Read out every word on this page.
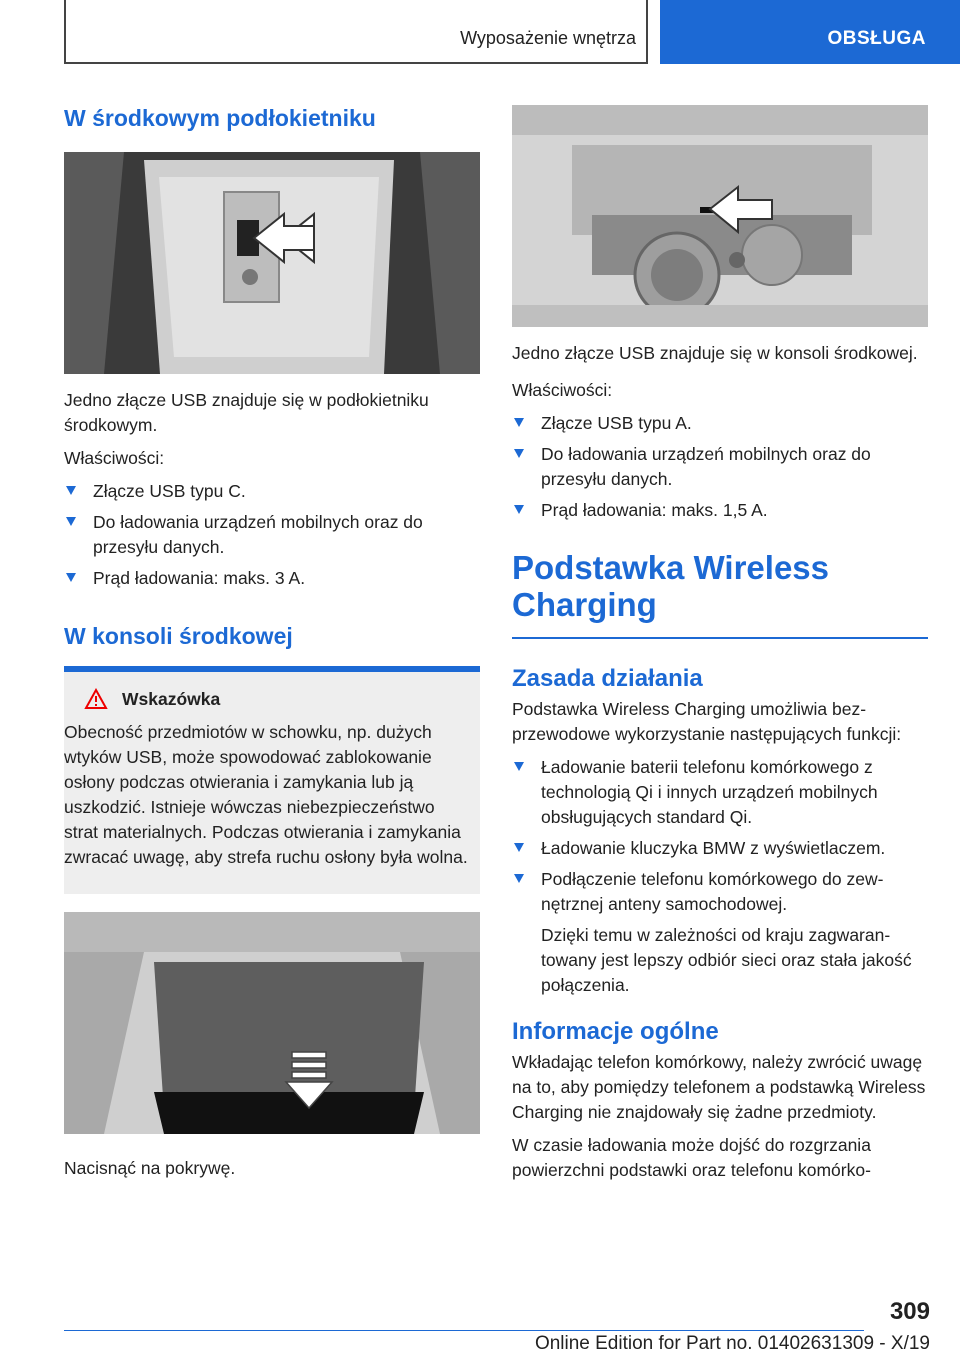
Wyposażenie wnętrza	OBSŁUGA
W środkowym podłokietniku

Jedno złącze USB znajduje się w podłokietniku środkowym.

Właściwości:

Złącze USB typu C.
Do ładowania urządzeń mobilnych oraz do przesyłu danych.
Prąd ładowania: maks. 3 A.
W konsoli środkowej
Wskazówka

Obecność przedmiotów w schowku, np. dużych wtyków USB, może spowodować zablokowanie osłony podczas otwierania i zamykania lub ją uszkodzić. Istnieje wówczas niebezpieczeństwo strat materialnych. Podczas otwierania i zamykania zwracać uwagę, aby strefa ruchu osłony była wolna.

Nacisnąć na pokrywę.

Jedno złącze USB znajduje się w konsoli środkowej.

Właściwości:

Złącze USB typu A.
Do ładowania urządzeń mobilnych oraz do przesyłu danych.
Prąd ładowania: maks. 1,5 A.
Podstawka Wireless Charging
Zasada działania

Podstawka Wireless Charging umożliwia bezprzewodowe wykorzystanie następujących funkcji:

Ładowanie baterii telefonu komórkowego z technologią Qi i innych urządzeń mobilnych obsługujących standard Qi.
Ładowanie kluczyka BMW z wyświetlaczem.
Podłączenie telefonu komórkowego do zewnętrznej anteny samochodowej.
Dzięki temu w zależności od kraju zagwarantowany jest lepszy odbiór sieci oraz stała jakość połączenia.
Informacje ogólne

Wkładając telefon komórkowy, należy zwrócić uwagę na to, aby pomiędzy telefonem a podstawką Wireless Charging nie znajdowały się żadne przedmioty.

W czasie ładowania może dojść do rozgrzania powierzchni podstawki oraz telefonu komórko-

309
Online Edition for Part no. 01402631309 - X/19
